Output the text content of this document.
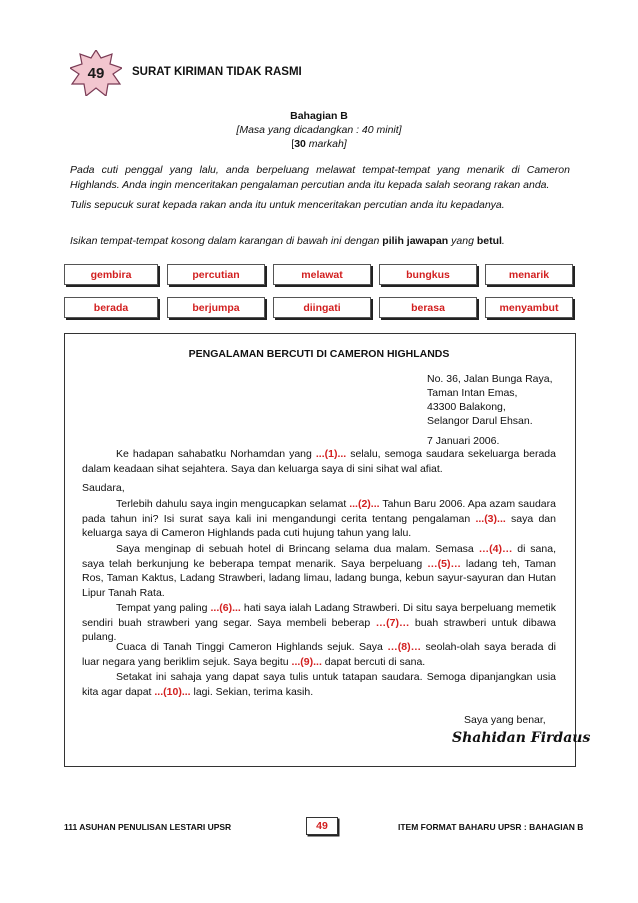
49	SURAT KIRIMAN TIDAK RASMI
Bahagian B
[Masa yang dicadangkan : 40 minit]
[30 markah]
Pada cuti penggal yang lalu, anda berpeluang melawat tempat-tempat yang menarik di Cameron Highlands. Anda ingin menceritakan pengalaman percutian anda itu kepada salah seorang rakan anda.
Tulis sepucuk surat kepada rakan anda itu untuk menceritakan percutian anda itu kepadanya.
Isikan tempat-tempat kosong dalam karangan di bawah ini dengan pilih jawapan yang betul.
gembira	percutian	melawat	bungkus	menarik
berada	berjumpa	diingati	berasa	menyambut
PENGALAMAN BERCUTI DI CAMERON HIGHLANDS
No. 36, Jalan Bunga Raya,
Taman Intan Emas,
43300 Balakong,
Selangor Darul Ehsan.
7 Januari 2006.

Ke hadapan sahabatku Norhamdan yang ...(1)... selalu, semoga saudara sekeluarga berada dalam keadaan sihat sejahtera. Saya dan keluarga saya di sini sihat wal afiat.

Saudara,

Terlebih dahulu saya ingin mengucapkan selamat ...(2)... Tahun Baru 2006. Apa azam saudara pada tahun ini? Isi surat saya kali ini mengandungi cerita tentang pengalaman ...(3)... saya dan keluarga saya di Cameron Highlands pada cuti hujung tahun yang lalu.

Saya menginap di sebuah hotel di Brincang selama dua malam. Semasa …(4)… di sana, saya telah berkunjung ke beberapa tempat menarik. Saya berpeluang …(5)… ladang teh, Taman Ros, Taman Kaktus, Ladang Strawberi, ladang limau, ladang bunga, kebun sayur-sayuran dan Hutan Lipur Tanah Rata.

Tempat yang paling ...(6)... hati saya ialah Ladang Strawberi. Di situ saya berpeluang memetik sendiri buah strawberi yang segar. Saya membeli beberap …(7)… buah strawberi untuk dibawa pulang.

Cuaca di Tanah Tinggi Cameron Highlands sejuk. Saya …(8)… seolah-olah saya berada di luar negara yang beriklim sejuk. Saya begitu ...(9)... dapat bercuti di sana.

Setakat ini sahaja yang dapat saya tulis untuk tatapan saudara. Semoga dipanjangkan usia kita agar dapat ...(10)... lagi. Sekian, terima kasih.

Saya yang benar,
Shahidan Firdaus
111 ASUHAN PENULISAN LESTARI UPSR	49	ITEM FORMAT BAHARU UPSR : BAHAGIAN B
